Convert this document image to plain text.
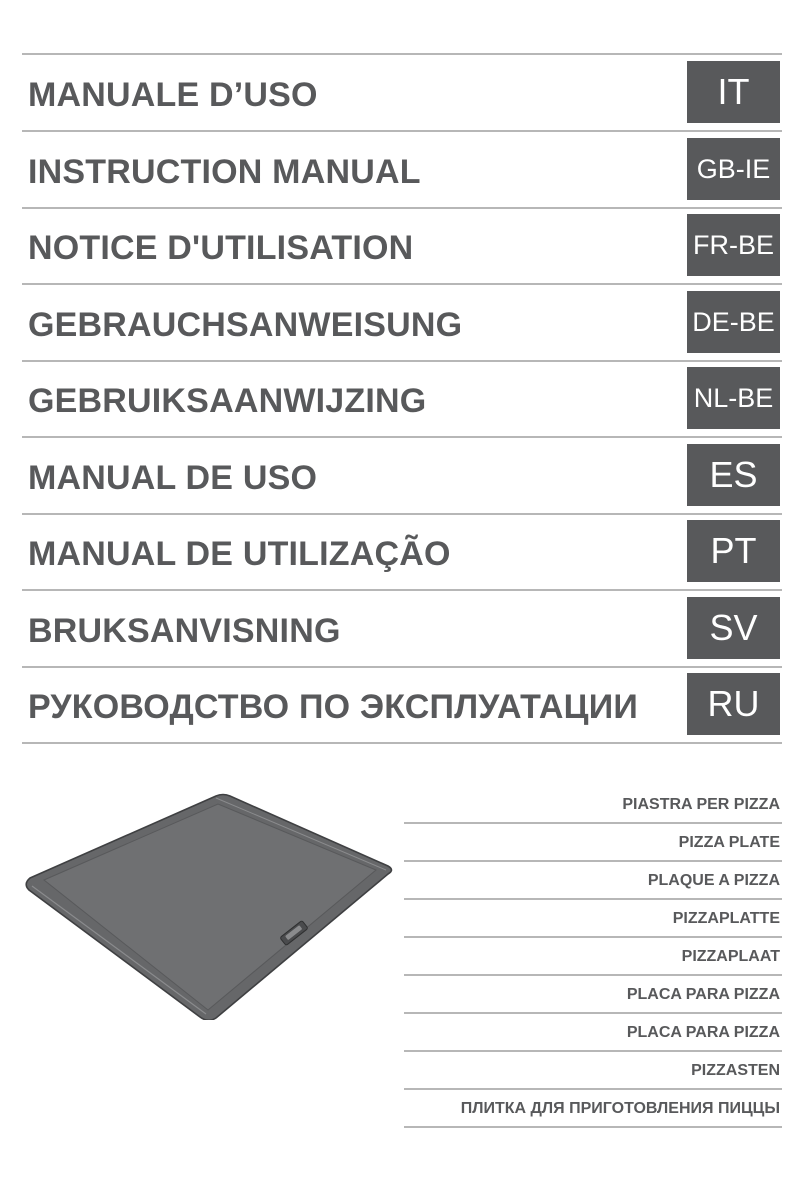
MANUALE D’USO	IT
INSTRUCTION MANUAL	GB-IE
NOTICE D'UTILISATION	FR-BE
GEBRAUCHSANWEISUNG	DE-BE
GEBRUIKSAANWIJZING	NL-BE
MANUAL DE USO	ES
MANUAL DE UTILIZAÇÃO	PT
BRUKSANVISNING	SV
РУКОВОДСТВО ПО ЭКСПЛУАТАЦИИ	RU
PIASTRA PER PIZZA
PIZZA PLATE
PLAQUE A PIZZA
PIZZAPLATTE
PIZZAPLAAT
PLACA PARA PIZZA
PLACA PARA PIZZA
PIZZASTEN
ПЛИТКА ДЛЯ ПРИГОТОВЛЕНИЯ ПИЦЦЫ
